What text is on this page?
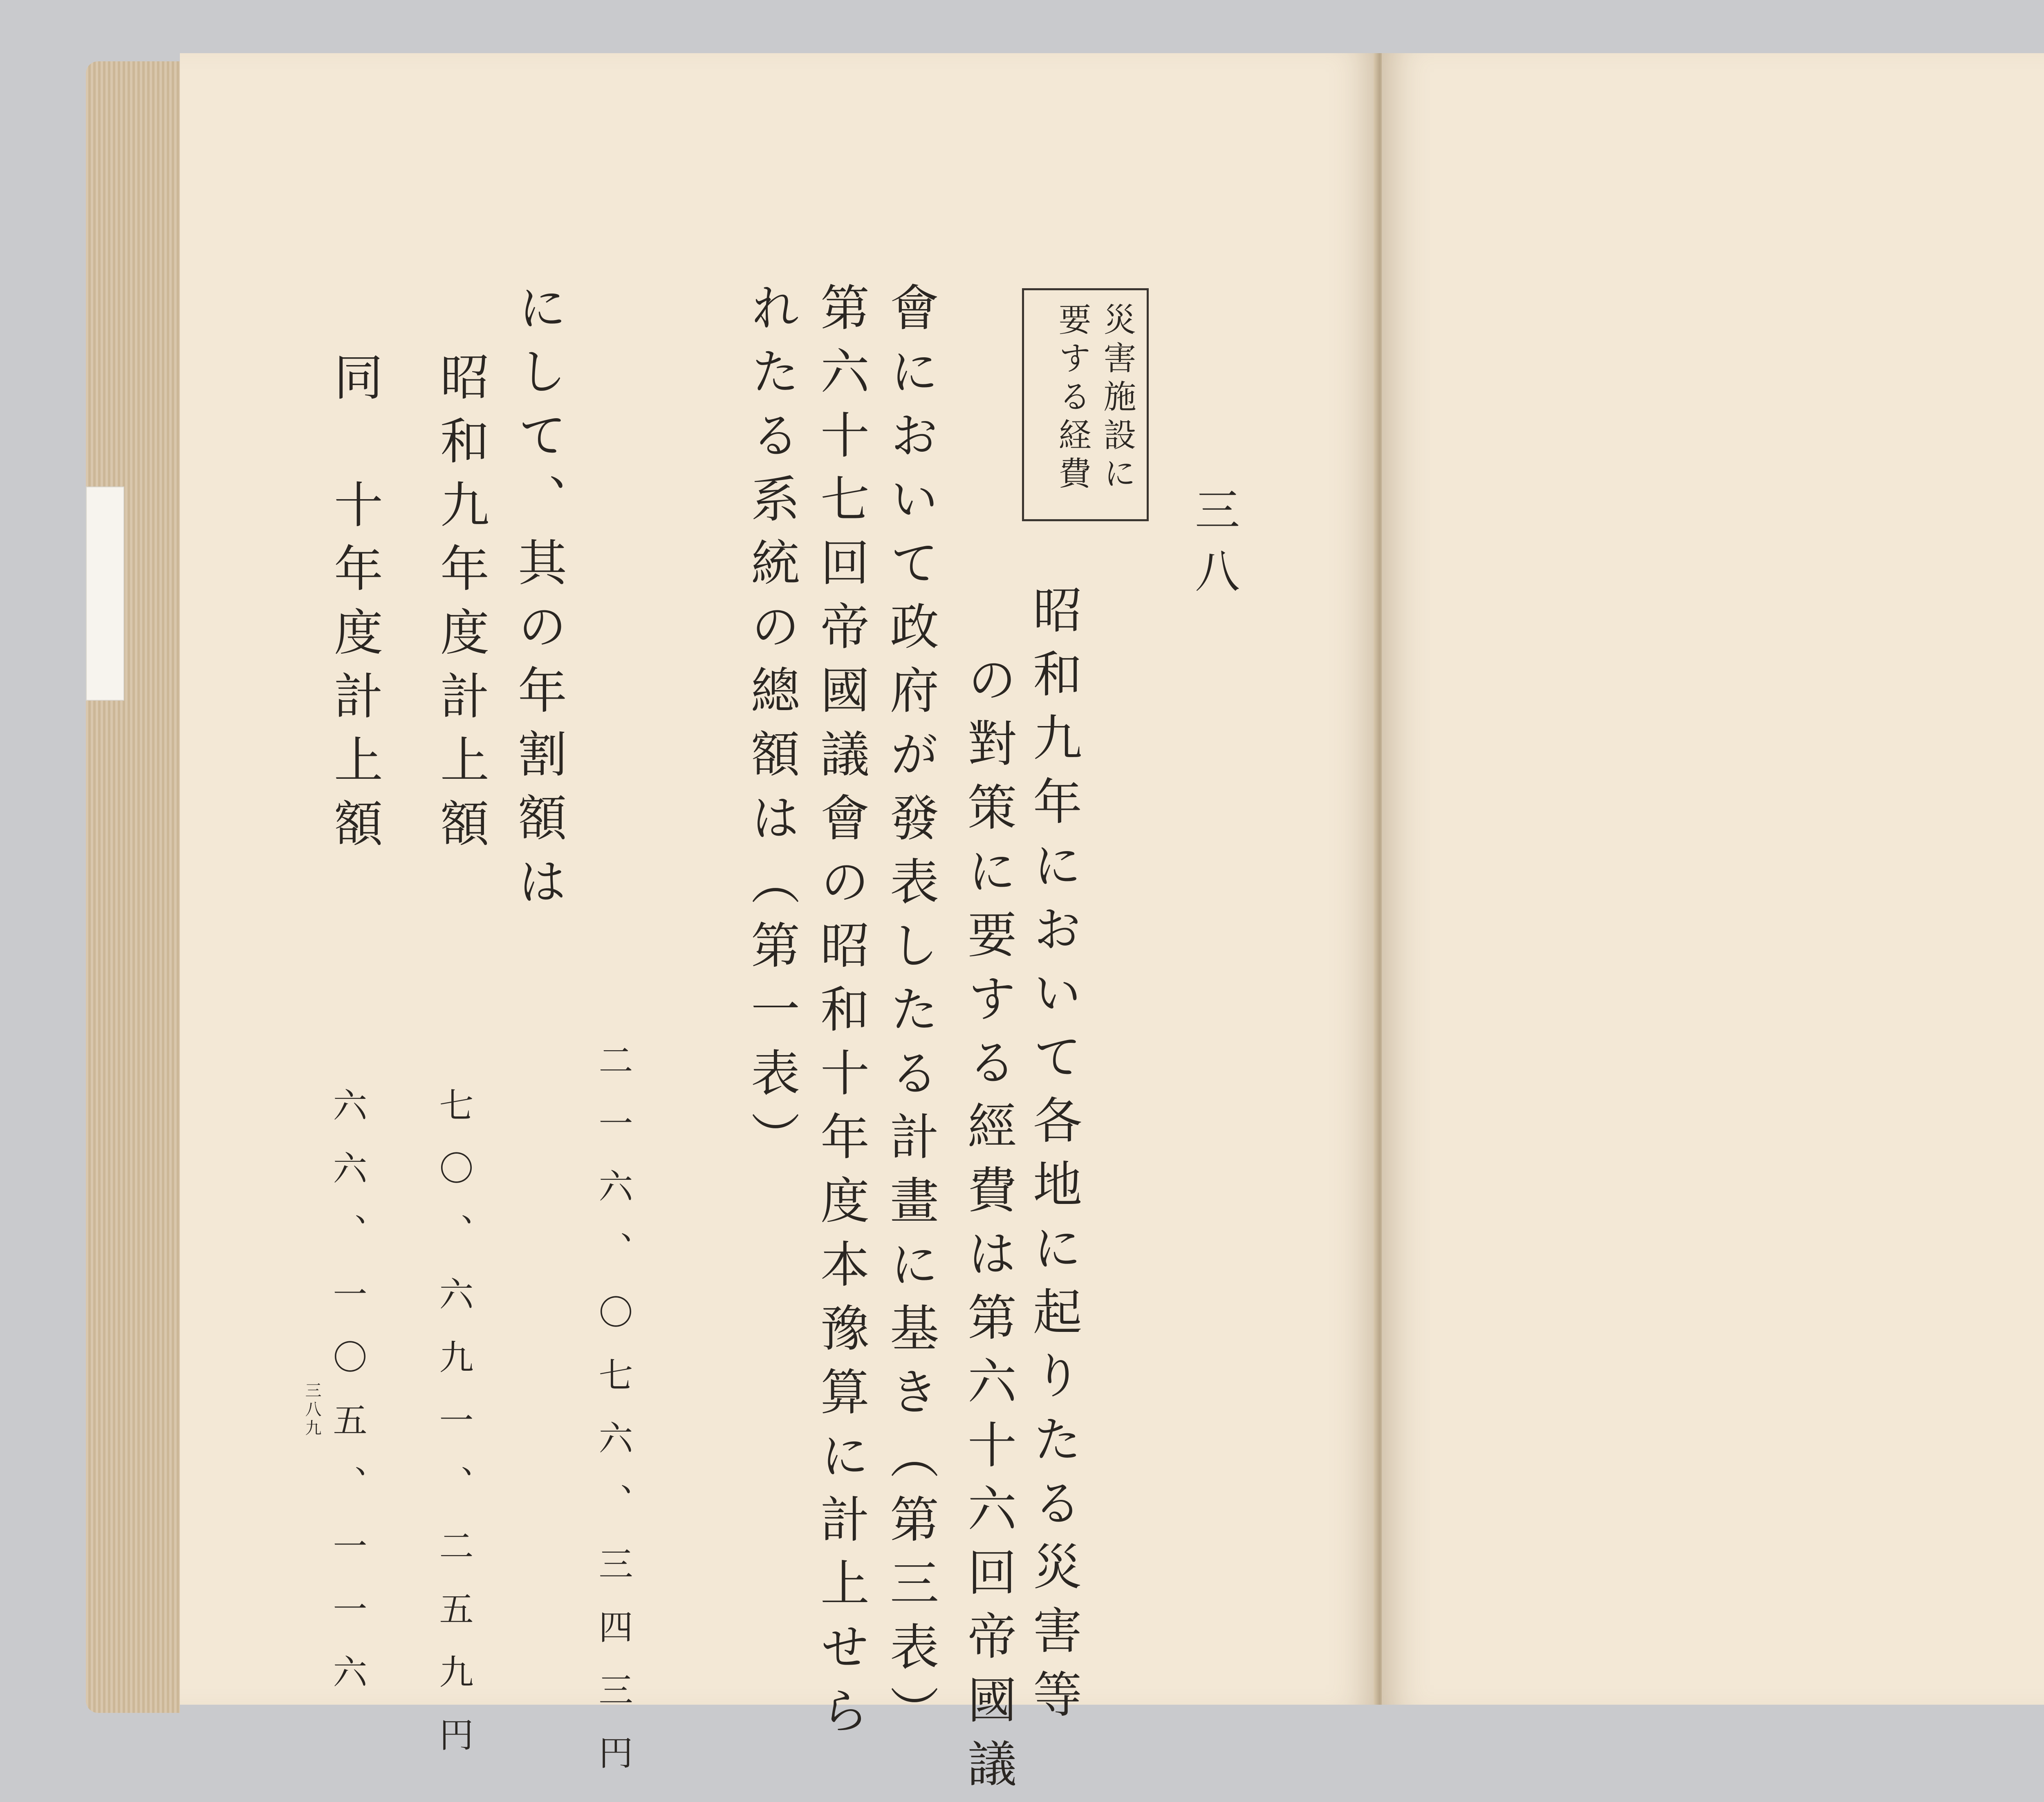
三八
災害施設に
要する経費
昭和九年において各地に起りたる災害等
の對策に要する經費は第六十六回帝國議
會において政府が發表したる計畫に基き（第三表）
第六十七回帝國議會の昭和十年度本豫算に計上せら
れたる系統の總額は（第一表）
にして、其の年割額は
昭和九年度計上額
同　十年度計上額
二一六、〇七六、三四三円
七〇、六九一、二五九円
六六、一〇五、一一六
三八九
